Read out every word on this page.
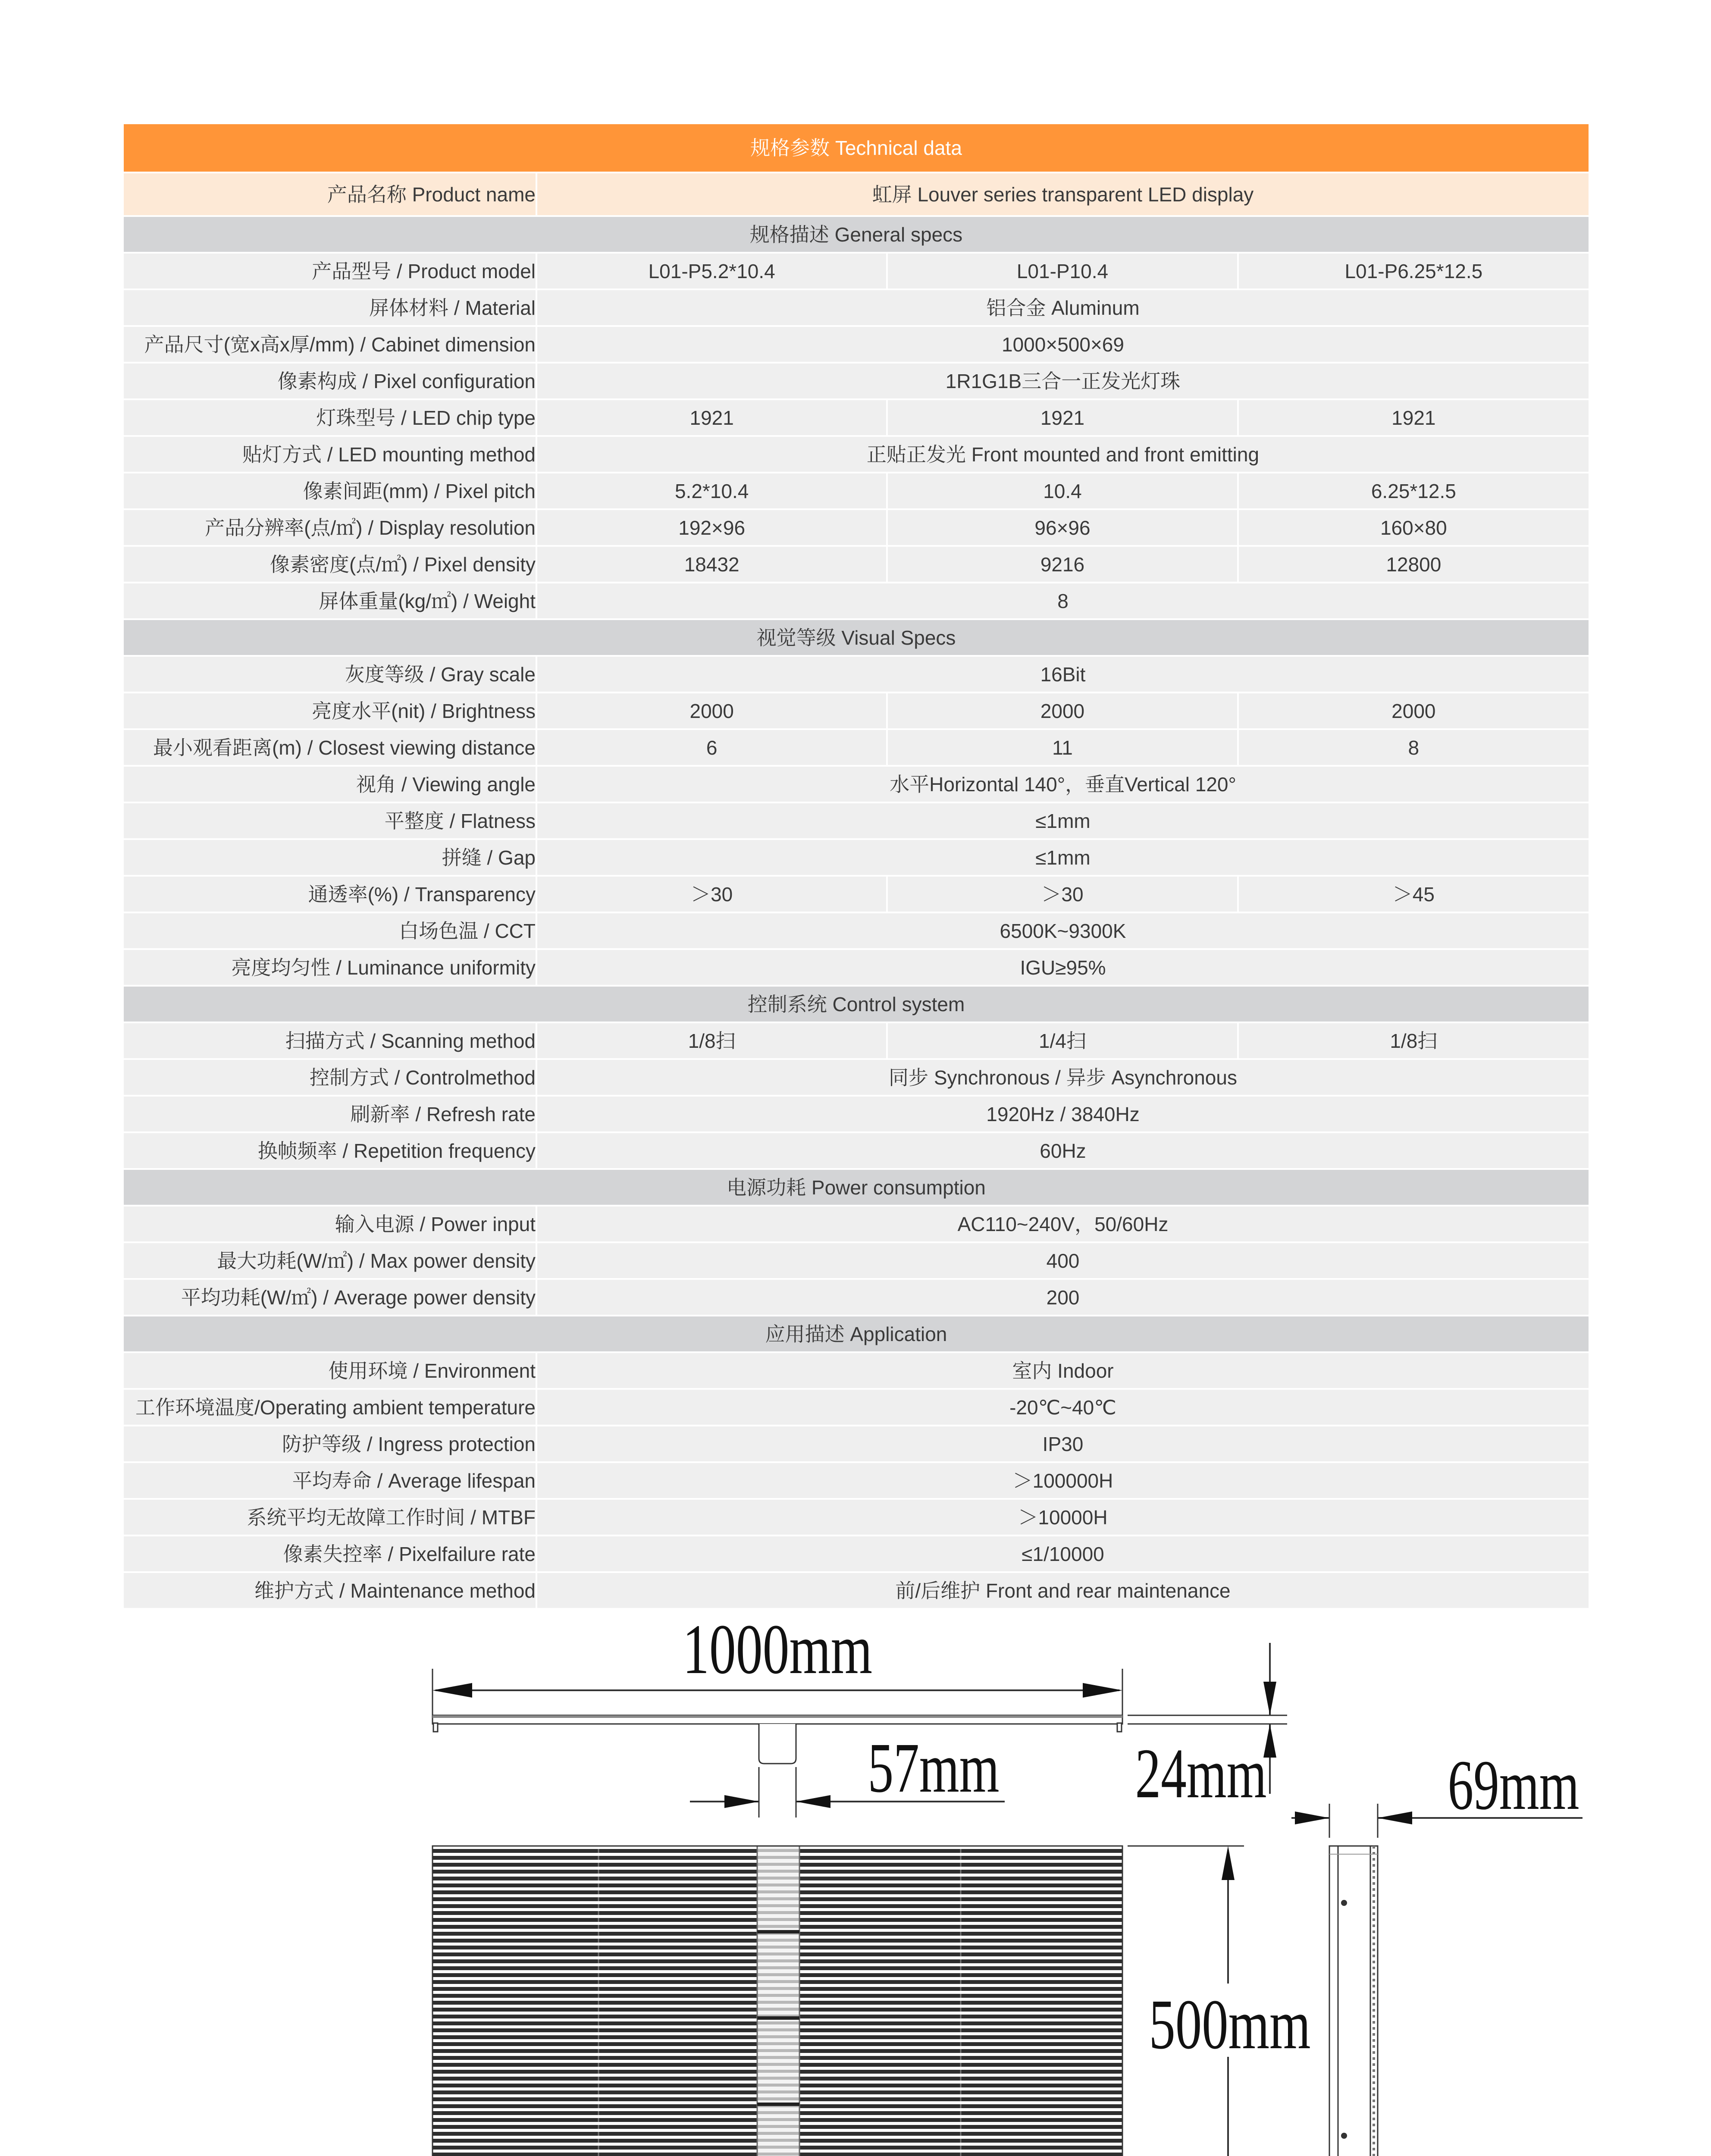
规格参数 Technical data			
产品名称 Product name	虹屏 Louver series transparent LED display		
规格描述 General specs			
产品型号 / Product model	L01-P5.2*10.4	L01-P10.4	L01-P6.25*12.5
屏体材料 / Material	铝合金 Aluminum		
产品尺寸(宽x高x厚/mm) / Cabinet dimension	1000×500×69		
像素构成 / Pixel configuration	1R1G1B三合一正发光灯珠		
灯珠型号 / LED chip type	1921	1921	1921
贴灯方式 / LED mounting method	正贴正发光 Front mounted and front emitting		
像素间距(mm) / Pixel pitch	5.2*10.4	10.4	6.25*12.5
产品分辨率(点/㎡) / Display resolution	192×96	96×96	160×80
像素密度(点/㎡) / Pixel density	18432	9216	12800
屏体重量(kg/㎡) / Weight	8		
视觉等级 Visual Specs			
灰度等级 / Gray scale	16Bit		
亮度水平(nit) / Brightness	2000	2000	2000
最小观看距离(m) / Closest viewing distance	6	11	8
视角 / Viewing angle	水平Horizontal 140°，垂直Vertical 120°		
平整度 / Flatness	≤1mm		
拼缝 / Gap	≤1mm		
通透率(%) / Transparency	＞30	＞30	＞45
白场色温 / CCT	6500K~9300K		
亮度均匀性 / Luminance uniformity	IGU≥95%		
控制系统 Control system			
扫描方式 / Scanning method	1/8扫	1/4扫	1/8扫
控制方式 / Controlmethod	同步 Synchronous / 异步 Asynchronous		
刷新率 / Refresh rate	1920Hz / 3840Hz		
换帧频率 / Repetition frequency	60Hz		
电源功耗 Power consumption			
输入电源 / Power input	AC110~240V，50/60Hz		
最大功耗(W/㎡) / Max power density	400		
平均功耗(W/㎡) / Average power density	200		
应用描述 Application			
使用环境 / Environment	室内 Indoor		
工作环境温度/Operating ambient temperature	-20℃~40℃		
防护等级 / Ingress protection	IP30		
平均寿命 / Average lifespan	＞100000H		
系统平均无故障工作时间 / MTBF	＞10000H		
像素失控率 / Pixelfailure rate	≤1/10000		
维护方式 / Maintenance method	前/后维护 Front and rear maintenance		
1000mm
57mm 24mm
500mm
69mm
